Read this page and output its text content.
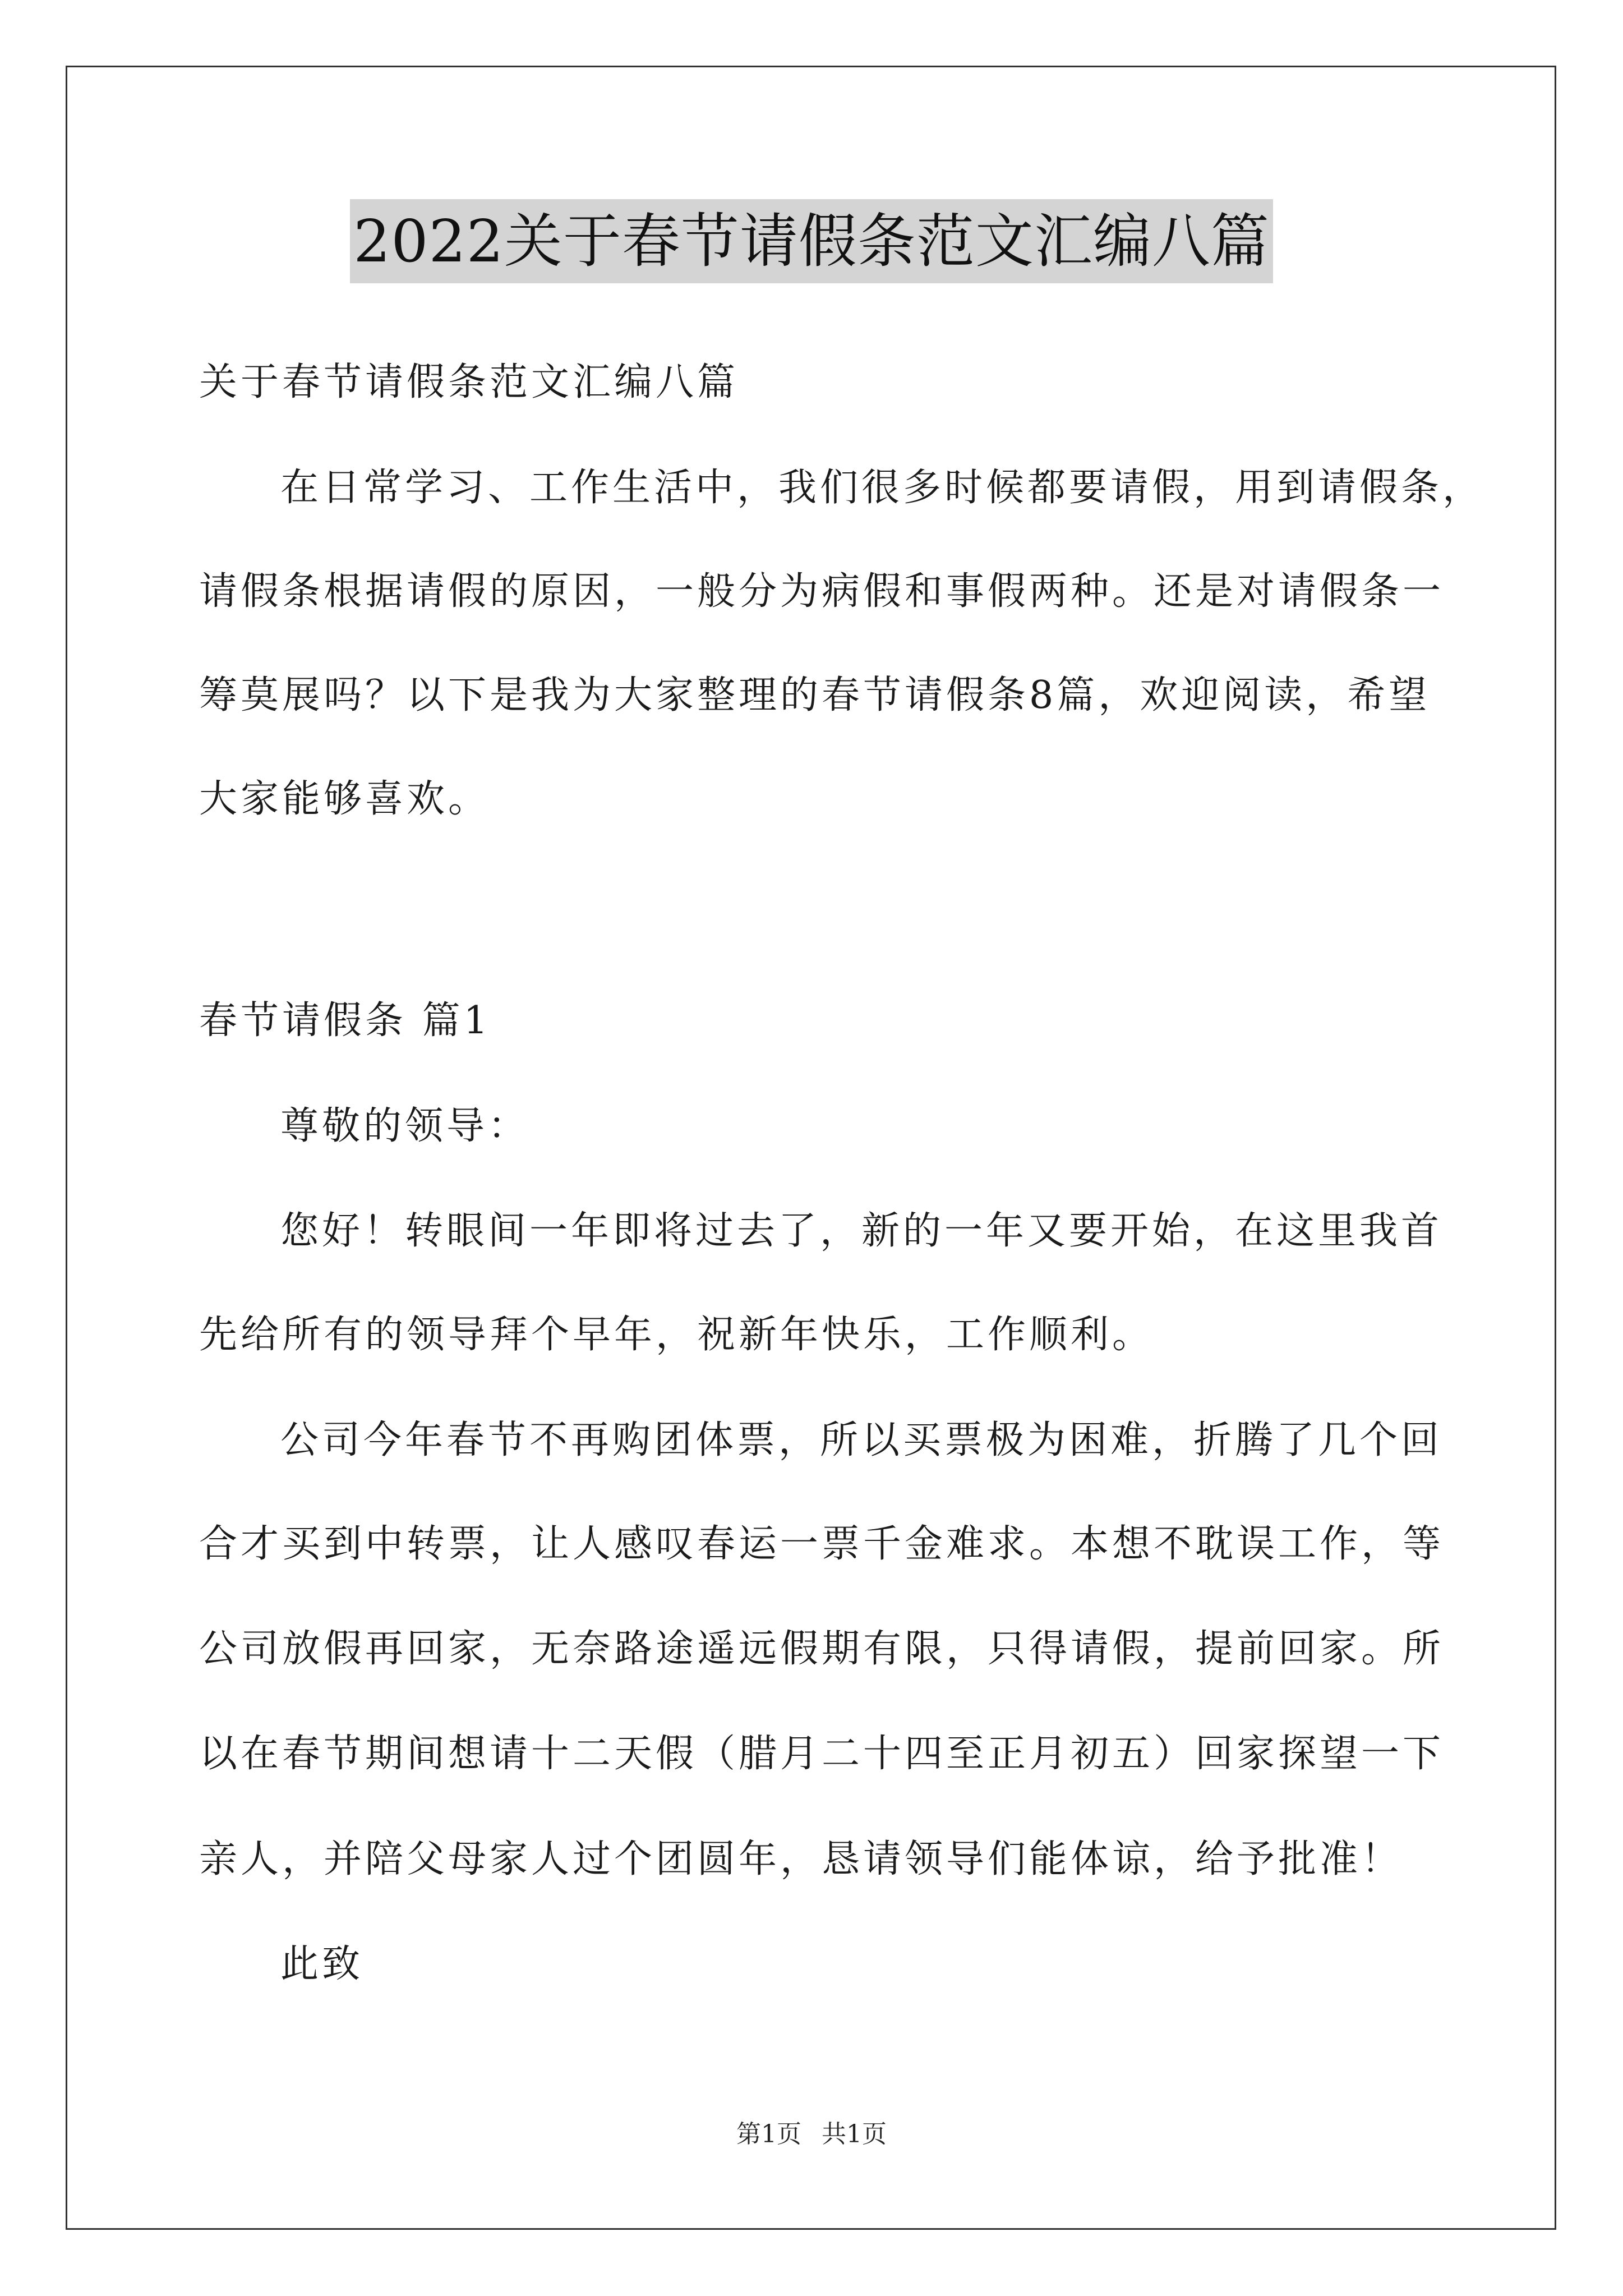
2022关于春节请假条范文汇编八篇
关于春节请假条范文汇编八篇
在日常学习、工作生活中，我们很多时候都要请假，用到请假条，
请假条根据请假的原因，一般分为病假和事假两种。还是对请假条一
筹莫展吗？以下是我为大家整理的春节请假条8篇，欢迎阅读，希望
大家能够喜欢。
春节请假条 篇1
尊敬的领导：
您好！转眼间一年即将过去了，新的一年又要开始，在这里我首
先给所有的领导拜个早年，祝新年快乐，工作顺利。
公司今年春节不再购团体票，所以买票极为困难，折腾了几个回
合才买到中转票，让人感叹春运一票千金难求。本想不耽误工作，等
公司放假再回家，无奈路途遥远假期有限，只得请假，提前回家。所
以在春节期间想请十二天假（腊月二十四至正月初五）回家探望一下
亲人，并陪父母家人过个团圆年，恳请领导们能体谅，给予批准！
此致
第1页 共1页
